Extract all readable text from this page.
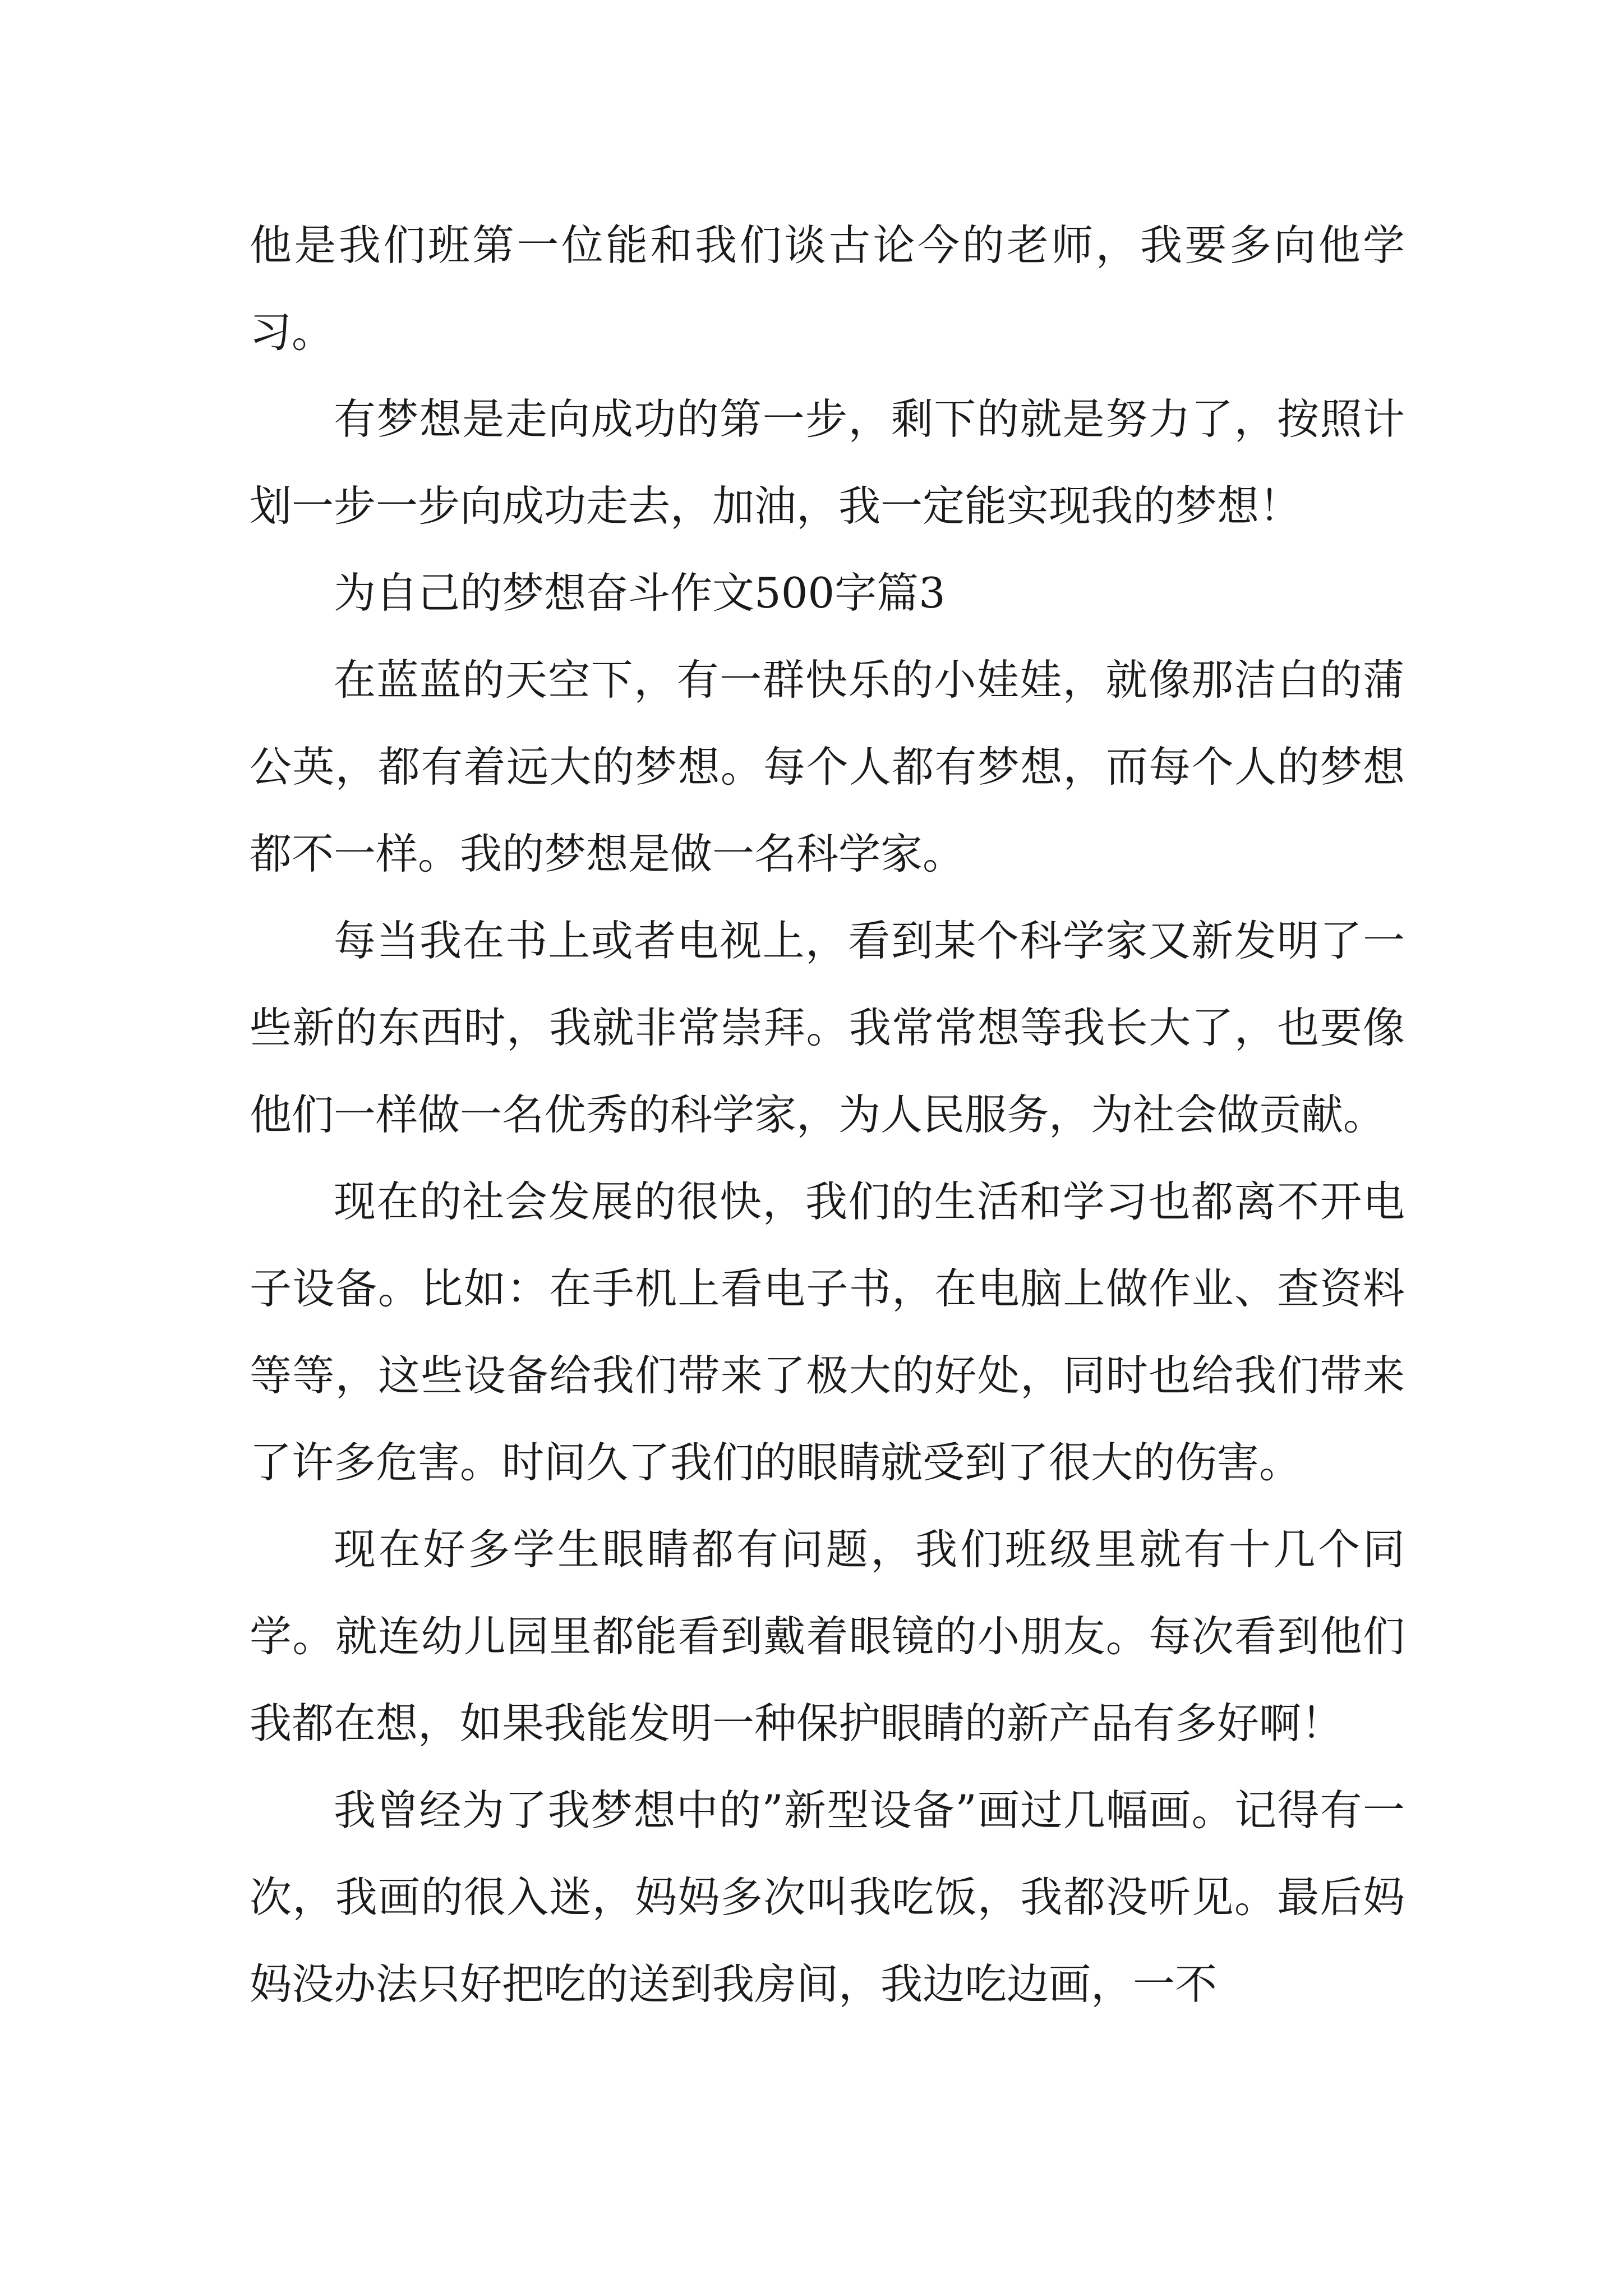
他是我们班第一位能和我们谈古论今的老师，我要多向他学习。

有梦想是走向成功的第一步，剩下的就是努力了，按照计划一步一步向成功走去，加油，我一定能实现我的梦想！

为自己的梦想奋斗作文500字篇3

在蓝蓝的天空下，有一群快乐的小娃娃，就像那洁白的蒲公英，都有着远大的梦想。每个人都有梦想，而每个人的梦想都不一样。我的梦想是做一名科学家。

每当我在书上或者电视上，看到某个科学家又新发明了一些新的东西时，我就非常崇拜。我常常想等我长大了，也要像他们一样做一名优秀的科学家，为人民服务，为社会做贡献。

现在的社会发展的很快，我们的生活和学习也都离不开电子设备。比如：在手机上看电子书，在电脑上做作业、查资料等等，这些设备给我们带来了极大的好处，同时也给我们带来了许多危害。时间久了我们的眼睛就受到了很大的伤害。

现在好多学生眼睛都有问题，我们班级里就有十几个同学。就连幼儿园里都能看到戴着眼镜的小朋友。每次看到他们我都在想，如果我能发明一种保护眼睛的新产品有多好啊！

我曾经为了我梦想中的”新型设备”画过几幅画。记得有一次，我画的很入迷，妈妈多次叫我吃饭，我都没听见。最后妈妈没办法只好把吃的送到我房间，我边吃边画，一不
